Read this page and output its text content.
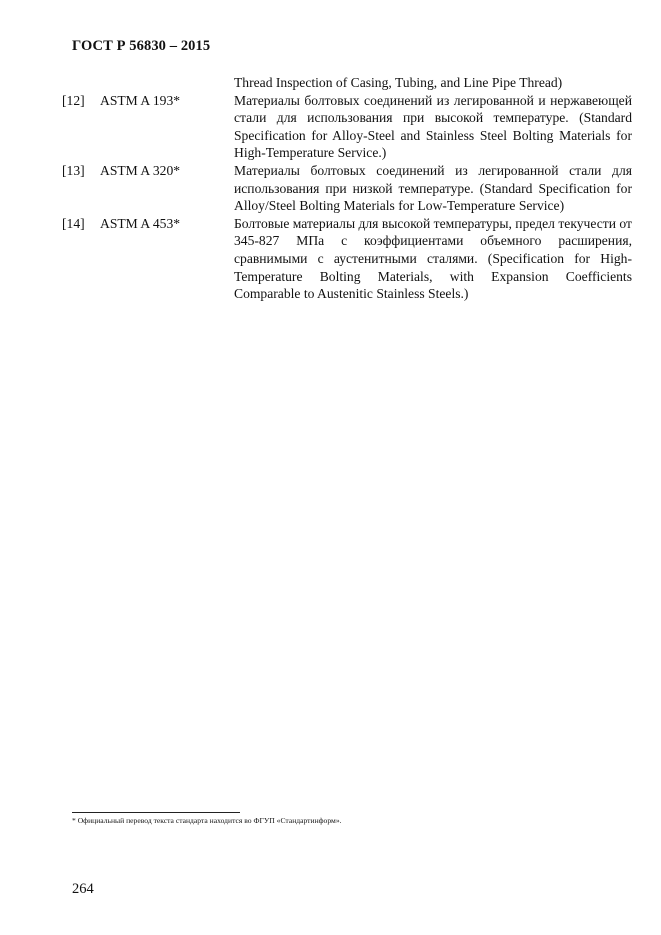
ГОСТ Р 56830 – 2015
Thread Inspection of Casing, Tubing, and Line Pipe Thread)
[12]	ASTM A 193*	Материалы болтовых соединений из легированной и нержавеющей стали для использования при высокой температуре. (Standard Specification for Alloy-Steel and Stainless Steel Bolting Materials for High-Temperature Service.)
[13]	ASTM A 320*	Материалы болтовых соединений из легированной стали для использования при низкой температуре. (Standard Specification for Alloy/Steel Bolting Materials for Low-Temperature Service)
[14]	ASTM A 453*	Болтовые материалы для высокой температуры, предел текучести от 345-827 МПа с коэффициентами объемного расширения, сравнимыми с аустенитными сталями. (Specification for High-Temperature Bolting Materials, with Expansion Coefficients Comparable to Austenitic Stainless Steels.)
* Официальный перевод текста стандарта находится во ФГУП «Стандартинформ».
264
